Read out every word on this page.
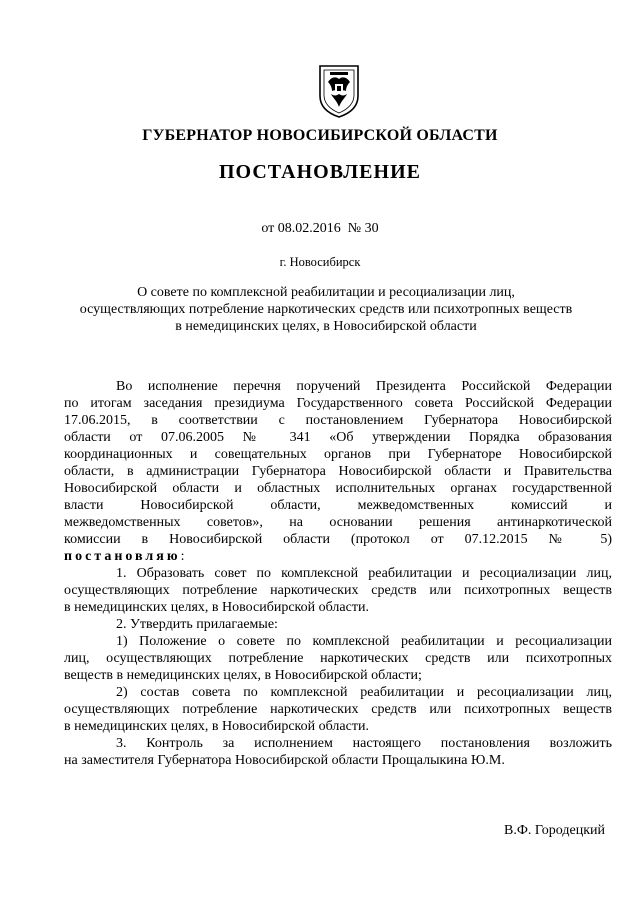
ГУБЕРНАТОР НОВОСИБИРСКОЙ ОБЛАСТИ
ПОСТАНОВЛЕНИЕ
от 08.02.2016  № 30
г. Новосибирск
О совете по комплексной реабилитации и ресоциализации лиц,
осуществляющих потребление наркотических средств или психотропных веществ
в немедицинских целях, в Новосибирской области
Во исполнение перечня поручений Президента Российской Федерации
по итогам заседания президиума Государственного совета Российской Федерации
17.06.2015, в соответствии с постановлением Губернатора Новосибирской
области от 07.06.2005 № 341 «Об утверждении Порядка образования
координационных и совещательных органов при Губернаторе Новосибирской
области, в администрации Губернатора Новосибирской области и Правительства
Новосибирской области и областных исполнительных органах государственной
власти Новосибирской области, межведомственных комиссий и
межведомственных советов», на основании решения антинаркотической
комиссии в Новосибирской области (протокол от 07.12.2015 № 5)
постановляю:
1. Образовать совет по комплексной реабилитации и ресоциализации лиц,
осуществляющих потребление наркотических средств или психотропных веществ
в немедицинских целях, в Новосибирской области.
2. Утвердить прилагаемые:
1) Положение о совете по комплексной реабилитации и ресоциализации
лиц, осуществляющих потребление наркотических средств или психотропных
веществ в немедицинских целях, в Новосибирской области;
2) состав совета по комплексной реабилитации и ресоциализации лиц,
осуществляющих потребление наркотических средств или психотропных веществ
в немедицинских целях, в Новосибирской области.
3. Контроль за исполнением настоящего постановления возложить
на заместителя Губернатора Новосибирской области Прощалыкина Ю.М.
В.Ф. Городецкий
